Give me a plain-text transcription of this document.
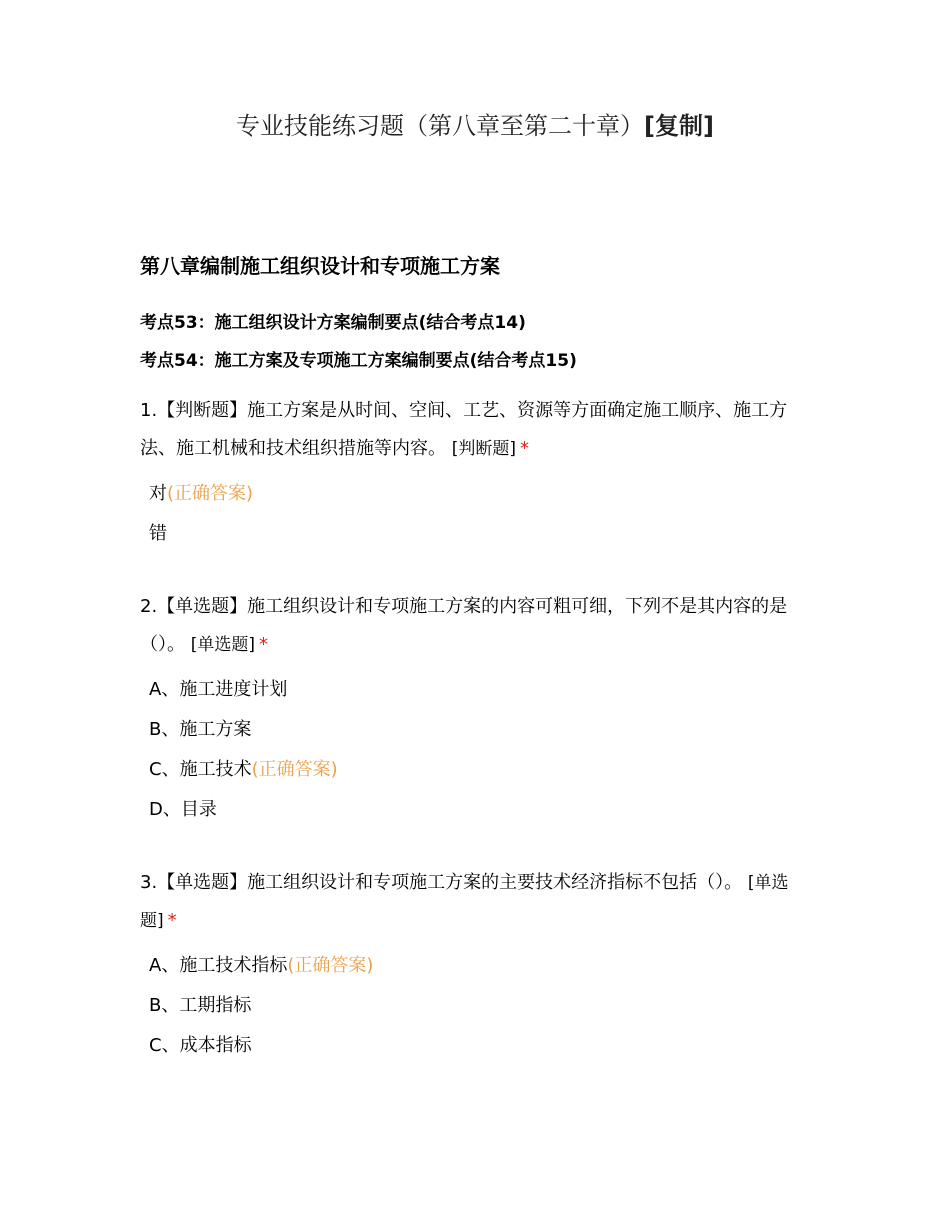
专业技能练习题（第八章至第二十章）[复制]
第八章编制施工组织设计和专项施工方案
考点53：施工组织设计方案编制要点(结合考点14)
考点54：施工方案及专项施工方案编制要点(结合考点15)

1.【判断题】施工方案是从时间、空间、工艺、资源等方面确定施工顺序、施工方法、施工机械和技术组织措施等内容。 [判断题] *

对(正确答案)
错

2.【单选题】施工组织设计和专项施工方案的内容可粗可细，下列不是其内容的是（）。 [单选题] *

A、施工进度计划
B、施工方案
C、施工技术(正确答案)
D、目录

3.【单选题】施工组织设计和专项施工方案的主要技术经济指标不包括（）。 [单选题] *

A、施工技术指标(正确答案)
B、工期指标
C、成本指标
